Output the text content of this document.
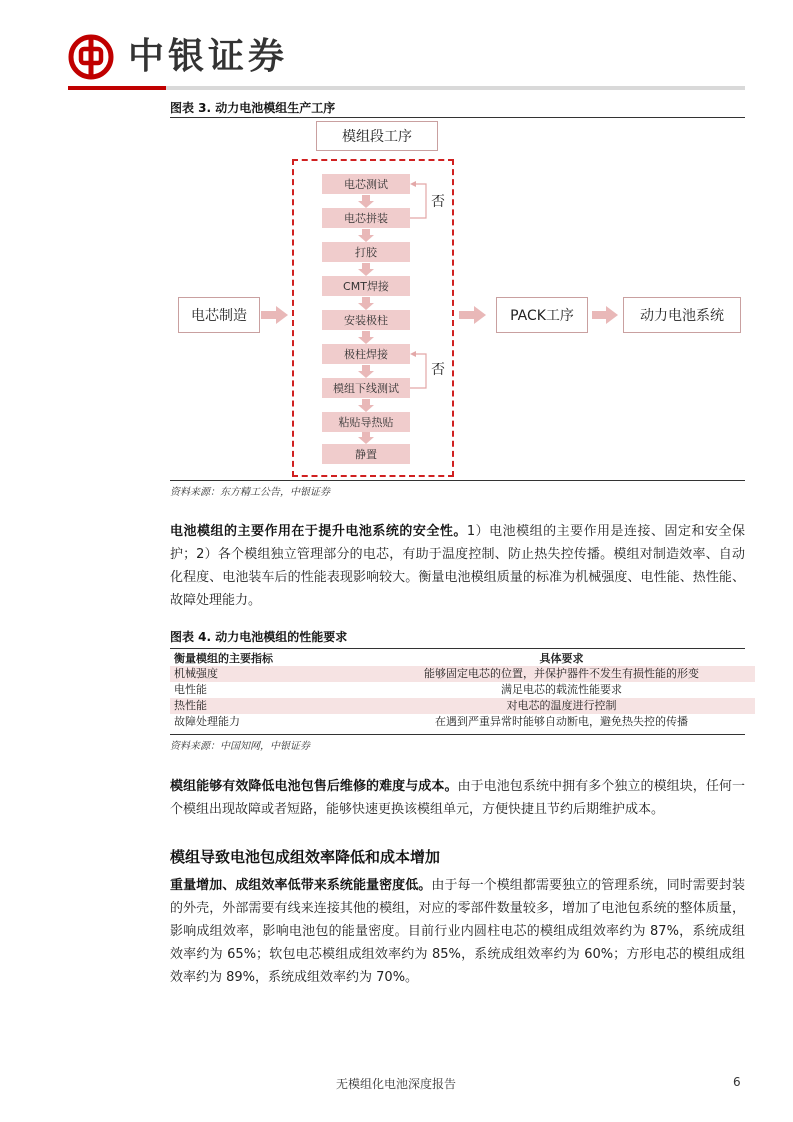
中银证券
图表 3. 动力电池模组生产工序
模组段工序
电芯制造
电芯测试
电芯拼装
打胶
CMT焊接
安装极柱
极柱焊接
模组下线测试
粘贴导热贴
静置
否
否
PACK工序	动力电池系统
资料来源：东方精工公告，中银证券
电池模组的主要作用在于提升电池系统的安全性。1）电池模组的主要作用是连接、固定和安全保护；2）各个模组独立管理部分的电芯，有助于温度控制、防止热失控传播。模组对制造效率、自动化程度、电池装车后的性能表现影响较大。衡量电池模组质量的标准为机械强度、电性能、热性能、故障处理能力。
图表 4. 动力电池模组的性能要求
衡量模组的主要指标	具体要求
机械强度	能够固定电芯的位置，并保护器件不发生有损性能的形变
电性能	满足电芯的载流性能要求
热性能	对电芯的温度进行控制
故障处理能力	在遇到严重异常时能够自动断电，避免热失控的传播
资料来源：中国知网，中银证券
模组能够有效降低电池包售后维修的难度与成本。由于电池包系统中拥有多个独立的模组块，任何一个模组出现故障或者短路，能够快速更换该模组单元，方便快捷且节约后期维护成本。
模组导致电池包成组效率降低和成本增加
重量增加、成组效率低带来系统能量密度低。由于每一个模组都需要独立的管理系统，同时需要封装的外壳，外部需要有线来连接其他的模组，对应的零部件数量较多，增加了电池包系统的整体质量，影响成组效率，影响电池包的能量密度。目前行业内圆柱电芯的模组成组效率约为 87%，系统成组效率约为 65%；软包电芯模组成组效率约为 85%，系统成组效率约为 60%；方形电芯的模组成组效率约为 89%，系统成组效率约为 70%。
无模组化电池深度报告	6
